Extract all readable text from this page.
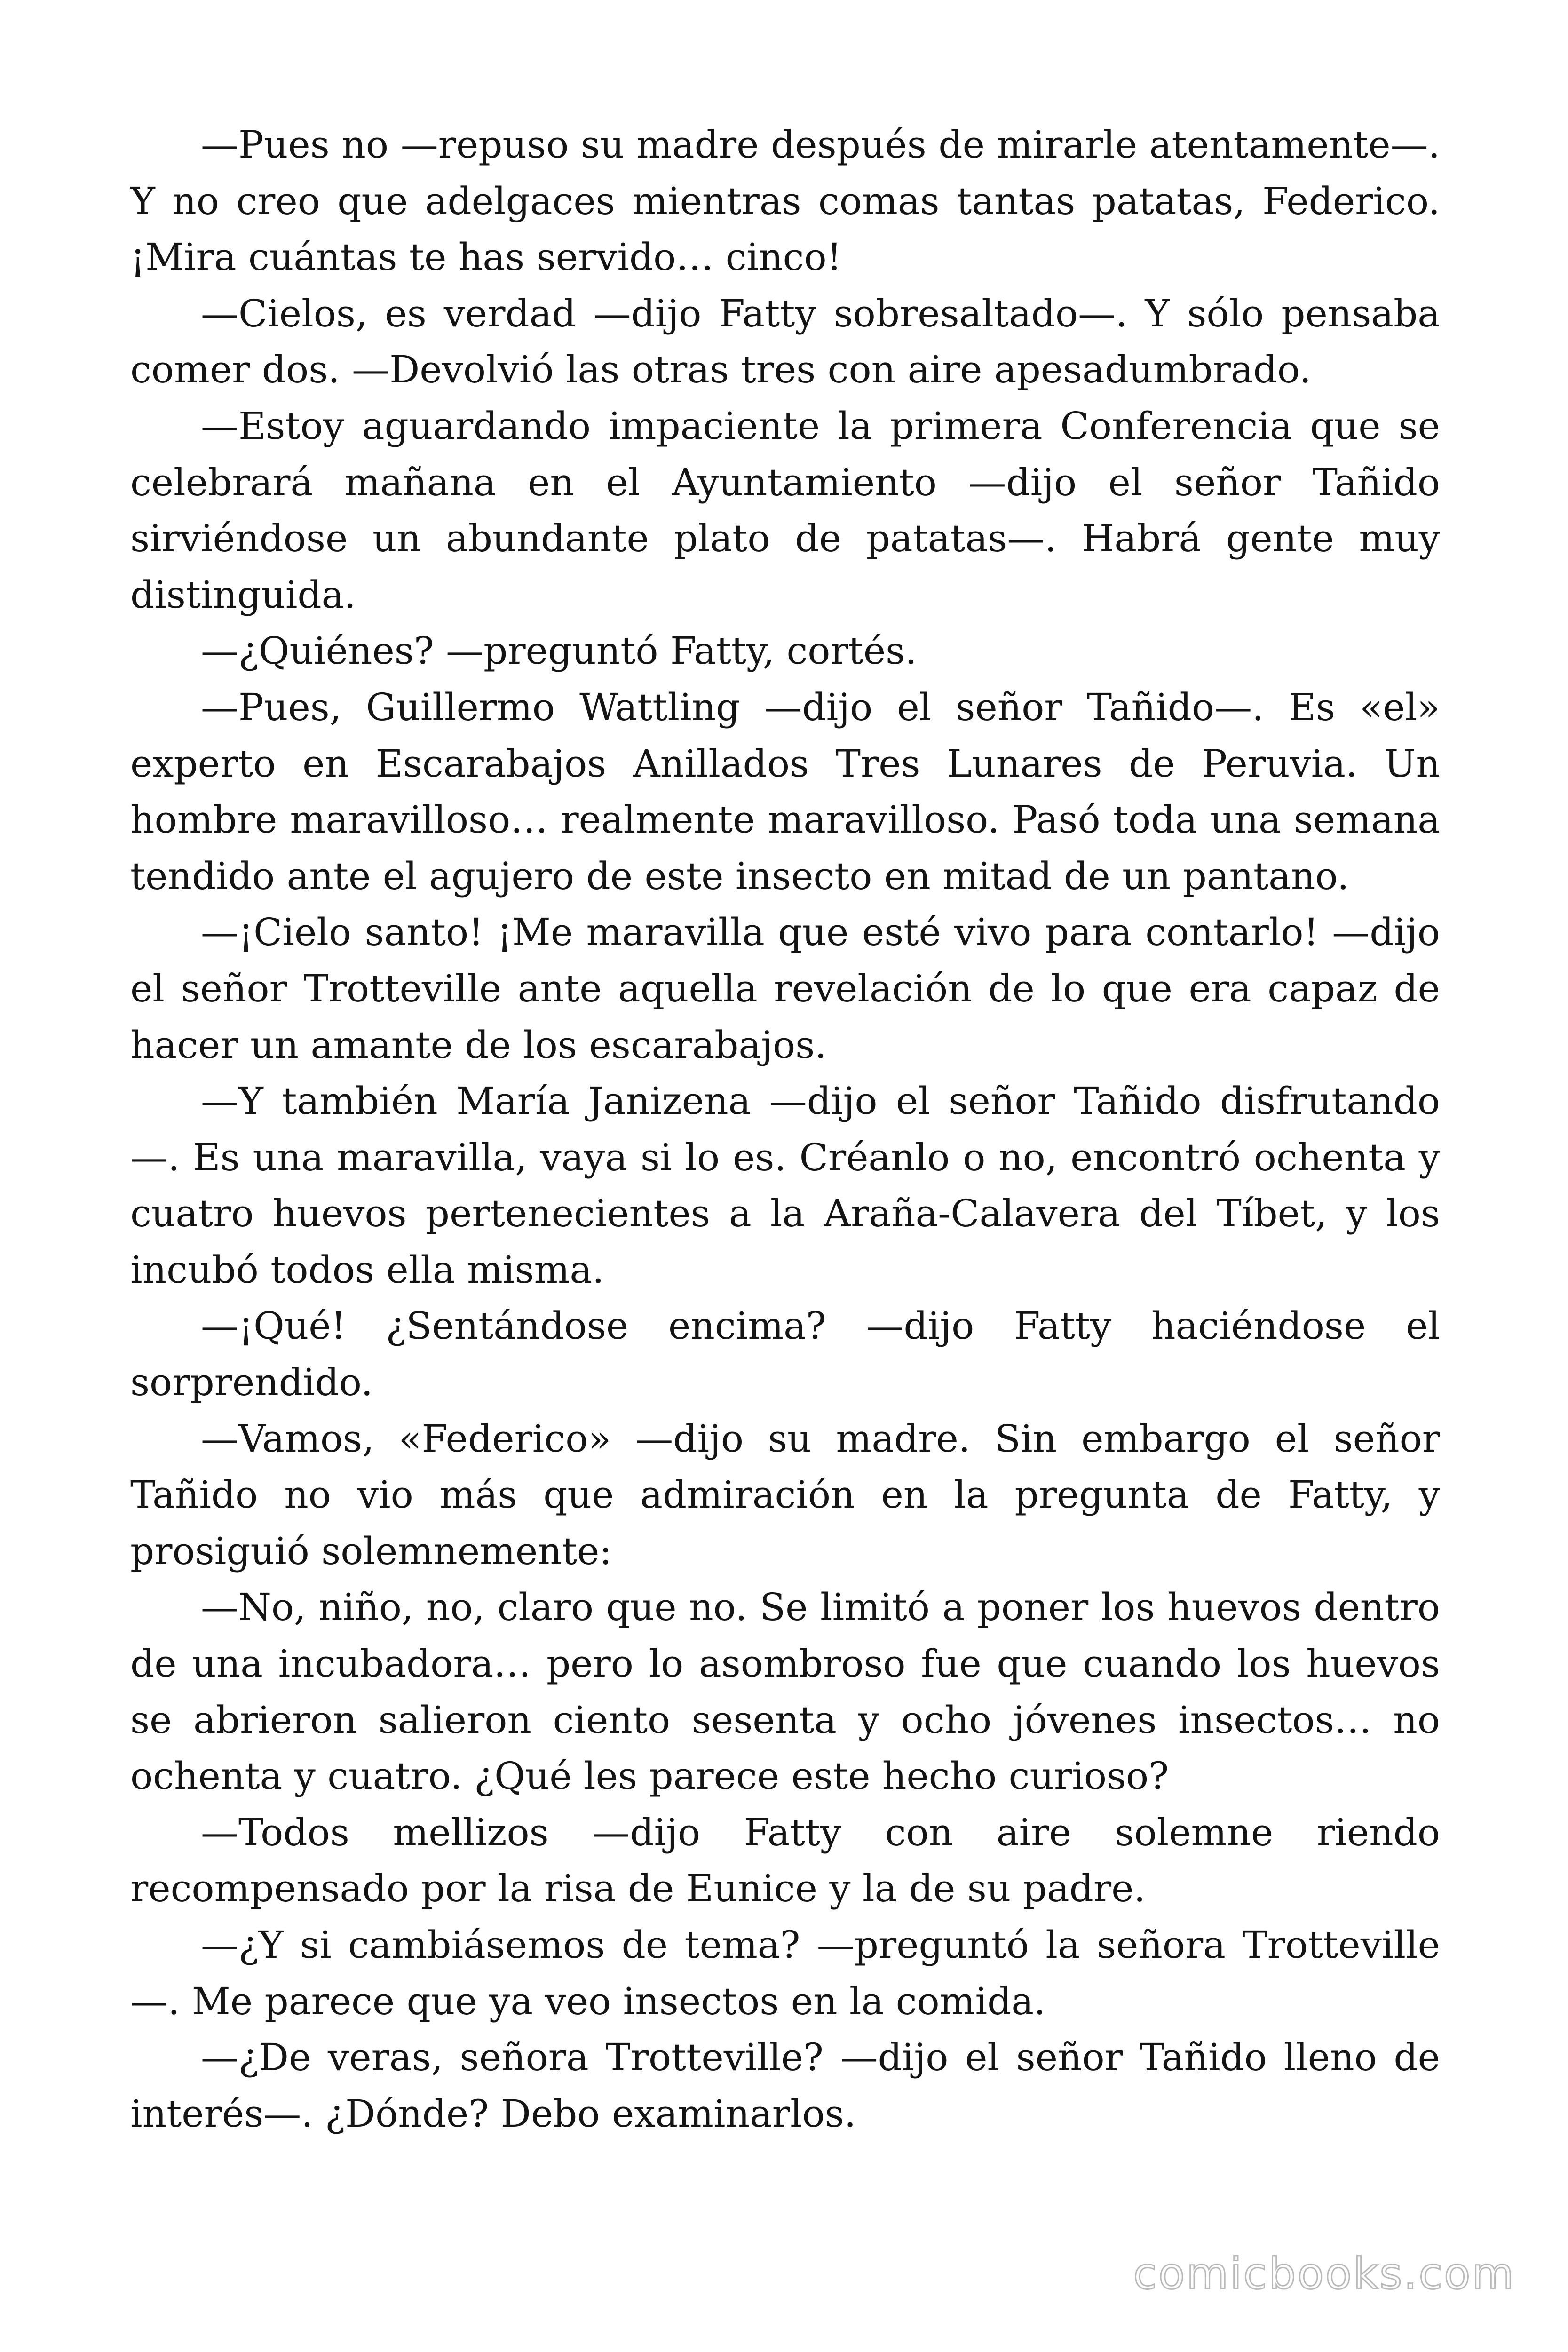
—Pues no —repuso su madre después de mirarle atentamente—. Y no creo que adelgaces mientras comas tantas patatas, Federico. ¡Mira cuántas te has servido… cinco!

—Cielos, es verdad —dijo Fatty sobresaltado—. Y sólo pensaba comer dos. —Devolvió las otras tres con aire apesadumbrado.

—Estoy aguardando impaciente la primera Conferencia que se celebrará mañana en el Ayuntamiento —dijo el señor Tañido sirviéndose un abundante plato de patatas—. Habrá gente muy distinguida.

—¿Quiénes? —preguntó Fatty, cortés.

—Pues, Guillermo Wattling —dijo el señor Tañido—. Es «el» experto en Escarabajos Anillados Tres Lunares de Peruvia. Un hombre maravilloso… realmente maravilloso. Pasó toda una semana tendido ante el agujero de este insecto en mitad de un pantano.

—¡Cielo santo! ¡Me maravilla que esté vivo para contarlo! —dijo el señor Trotteville ante aquella revelación de lo que era capaz de hacer un amante de los escarabajos.

—Y también María Janizena —dijo el señor Tañido disfrutando —. Es una maravilla, vaya si lo es. Créanlo o no, encontró ochenta y cuatro huevos pertenecientes a la Araña-Calavera del Tíbet, y los incubó todos ella misma.

—¡Qué! ¿Sentándose encima? —dijo Fatty haciéndose el sorprendido.

—Vamos, «Federico» —dijo su madre. Sin embargo el señor Tañido no vio más que admiración en la pregunta de Fatty, y prosiguió solemnemente:

—No, niño, no, claro que no. Se limitó a poner los huevos dentro de una incubadora… pero lo asombroso fue que cuando los huevos se abrieron salieron ciento sesenta y ocho jóvenes insectos… no ochenta y cuatro. ¿Qué les parece este hecho curioso?

—Todos mellizos —dijo Fatty con aire solemne riendo recompensado por la risa de Eunice y la de su padre.

—¿Y si cambiásemos de tema? —preguntó la señora Trotteville —. Me parece que ya veo insectos en la comida.

—¿De veras, señora Trotteville? —dijo el señor Tañido lleno de interés—. ¿Dónde? Debo examinarlos.

comicbooks.com
